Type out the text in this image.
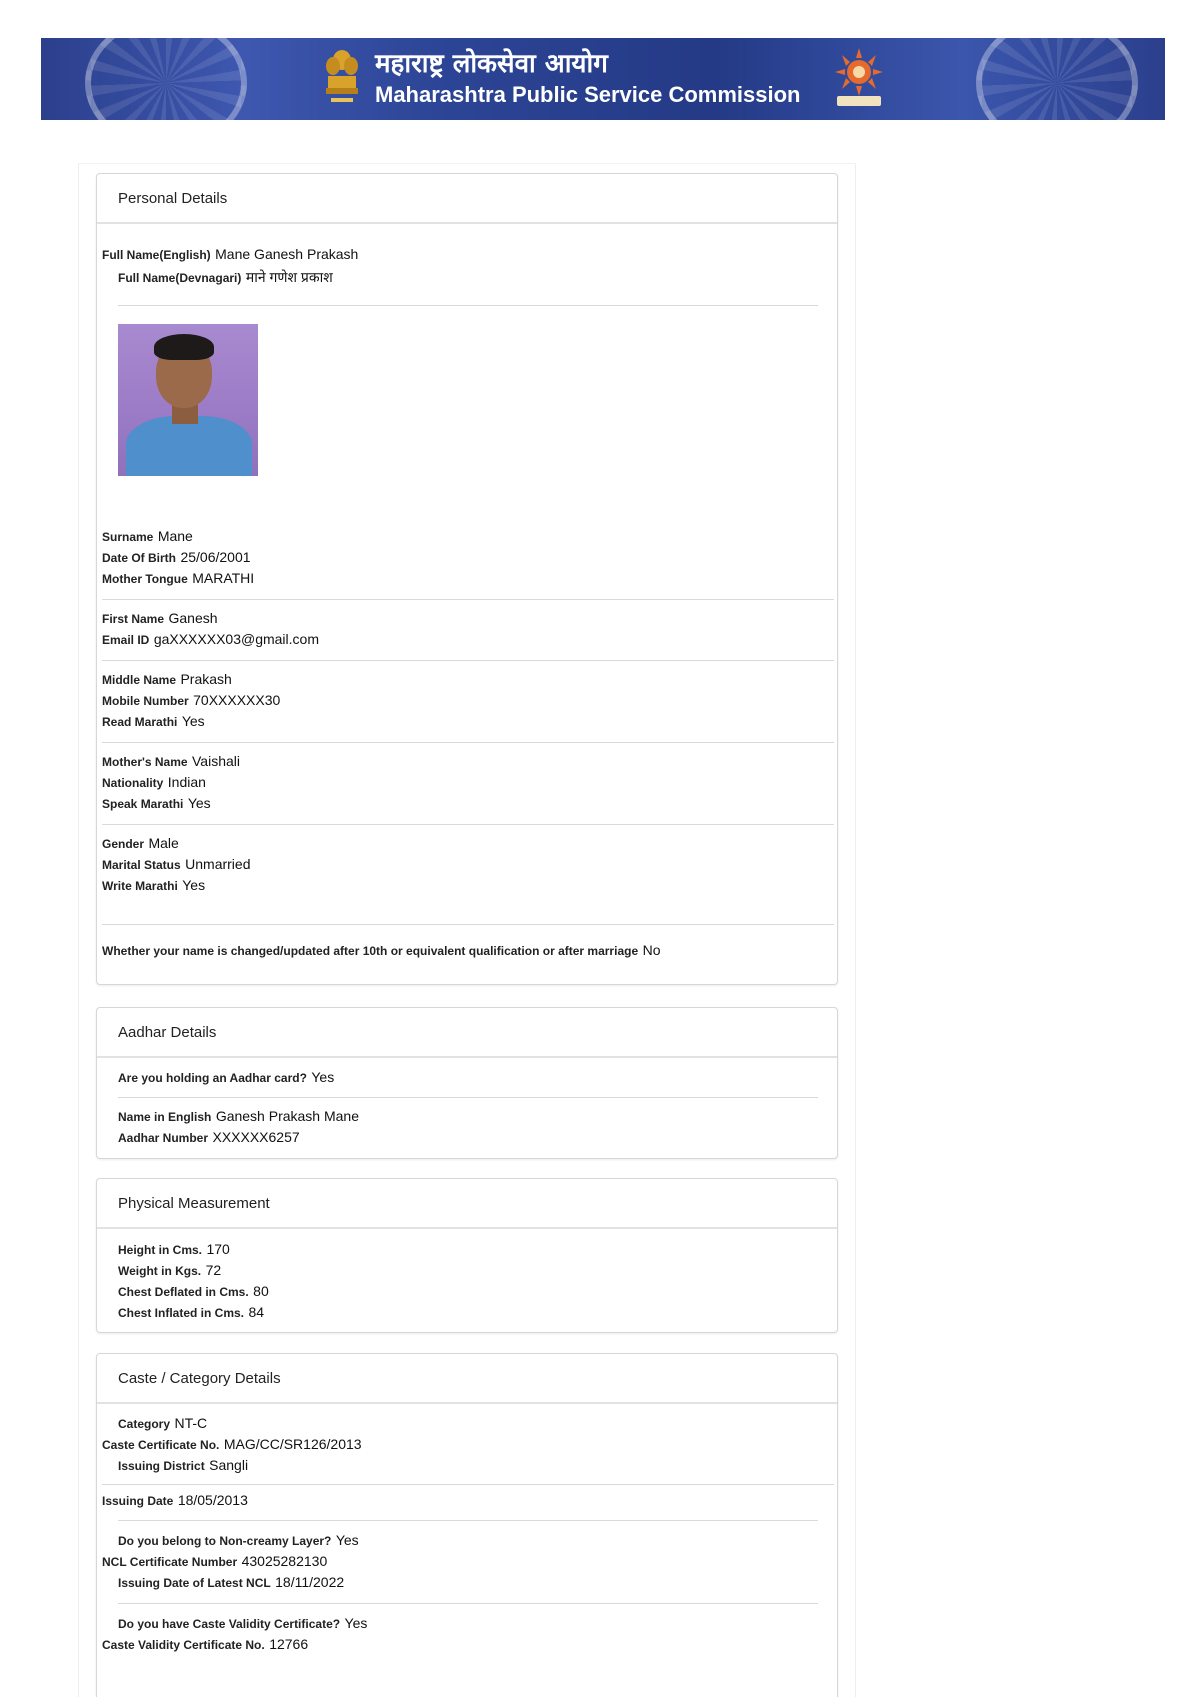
महाराष्ट्र लोकसेवा आयोग
Maharashtra Public Service Commission
Personal Details
Full Name(English) Mane Ganesh Prakash
Full Name(Devnagari) माने गणेश प्रकाश
Surname Mane
Date Of Birth 25/06/2001
Mother Tongue MARATHI
First Name Ganesh
Email ID gaXXXXXX03@gmail.com
Middle Name Prakash
Mobile Number 70XXXXXX30
Read Marathi Yes
Mother's Name Vaishali
Nationality Indian
Speak Marathi Yes
Gender Male
Marital Status Unmarried
Write Marathi Yes
Whether your name is changed/updated after 10th or equivalent qualification or after marriage No
Aadhar Details
Are you holding an Aadhar card? Yes
Name in English Ganesh Prakash Mane
Aadhar Number XXXXXX6257
Physical Measurement
Height in Cms. 170
Weight in Kgs. 72
Chest Deflated in Cms. 80
Chest Inflated in Cms. 84
Caste / Category Details
Category NT-C
Caste Certificate No. MAG/CC/SR126/2013
Issuing District Sangli
Issuing Date 18/05/2013
Do you belong to Non-creamy Layer? Yes
NCL Certificate Number 43025282130
Issuing Date of Latest NCL 18/11/2022
Do you have Caste Validity Certificate? Yes
Caste Validity Certificate No. 12766
